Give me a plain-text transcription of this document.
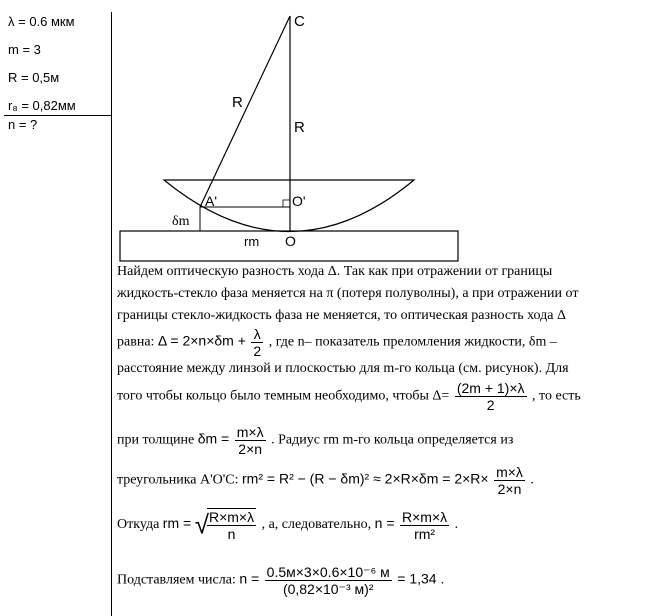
λ = 0.6 мкм
m = 3
R = 0,5м
r₈ = 0,82мм
n = ?
C
R
R
A'	O'
δm
rm O
Найдем оптическую разность хода Δ. Так как при отражении от границы
жидкость-стекло фаза меняется на π (потеря полуволны), а при отражении от
границы стекло-жидкость фаза не меняется, то оптическая разность хода Δ
равна: $\Delta = 2\times n\times\delta m + \frac{\lambda}{2}$ , где n– показатель преломления жидкости, δm –
расстояние между линзой и плоскостью для m-го кольца (см. рисунок). Для
того чтобы кольцо было темным необходимо, чтобы $\Delta= \frac{(2m + 1)\times\lambda}{2}$ , то есть
при толщине $\delta m = \frac{m\times\lambda}{2\times n}$ . Радиус rm m-го кольца определяется из
треугольника A'O'C: $rm^2 = R^2 - (R - \delta m)^2 \approx 2\times R\times\delta m = 2\times R\times \frac{m\times\lambda}{2\times n}$ .
Откуда rm = √
$\frac{R\times m\times\lambda}{n}$ , а, следовательно, $n = \frac{R\times m\times\lambda}{\text{rm²}}$ .
Подставляем числа: $n = \frac{\text{0.5м×3×0.6×10⁻⁶ м}}{\text{(0,82×10⁻³ м)²}} = 1,34$ .
